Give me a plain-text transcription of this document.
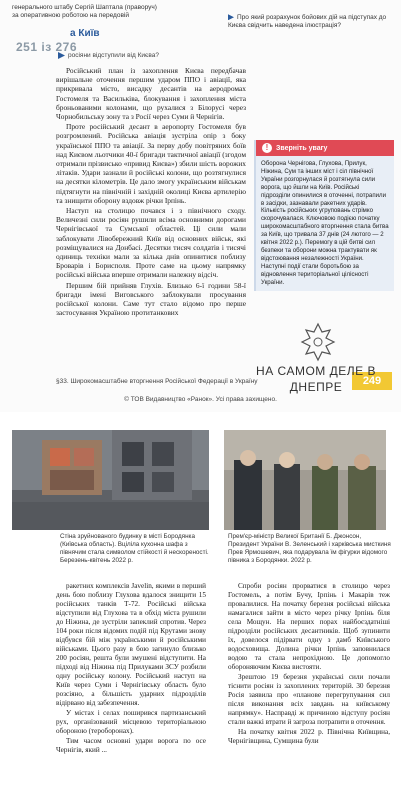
генерального штабу Сергій Шаптала (праворуч)
за оперативною роботою на передовій
а Київ
251 із 276
росіяни відступили від Києва?
Про який розрахунок бойових дій на підступах до Києва свідчить наведена ілюстрація?

Російський план із захоплення Києва передбачав вирішальне оточення першим ударом ППО і авіації, яка прикривала місто, висадку десантів на аеродромах Гостомеля та Васильківа, блокування і захоплення міста броньованими колонами, що рухалися з Білорусі через Чорнобильську зону та з Росії через Суми й Чернігів.

Проте російський десант в аеропорту Гостомеля був розгромлений. Російська авіація зустріла опір з боку української ППО та авіації. За перву добу повітряних боїв над Києвом льотчики 40-ї бригади тактичної авіації (згодом отримали прізвисько «привид Києва») збили шість ворожих літаків. Удари зазнали й російські колони, що розтягнулися на десятки кілометрів. Це дало змогу українським військам підтягнути на північній і західній околиці Києва артилерію та знищити оборону вздовж річки Ірпінь.

Наступ на столицю почався і з північного сходу. Величезні сили росіян рушили всіма основними дорогами Чернігівської та Сумської областей. Ці сили мали заблокувати Лівобережний Київ від основних військ, які розміщувалися на Донбасі. Десятки тисяч солдатів і тисячі одиниць техніки мали за кілька днів опинитися поблизу Броварів і Борисполя. Проте саме на цьому напрямку російські війська вперше отримали належну відсіч.

Першим бій прийняв Глухів. Близько 6-ї години 58-ї бригади імені Виговського заблокували просування російської колони. Саме тут стало відомо про перше застосування Україною протитанкових

!	Зверніть увагу
Оборона Чернігова, Глухова, Прилук, Ніжина, Сум та інших міст і сіл північної України розгорнулася й розтягнула сили ворога, що йшли на Київ. Російські підрозділи опинилися в оточенні, потрапили в засідки, зазнавали ракетних ударів. Кількість російських угруповань стрімко скорочувалася. Ключовою подією початку широкомасштабного вторгнення стала битва за Київ, що тривала 37 днів (24 лютого — 2 квітня 2022 р.). Перемогу в цій битві сил безпеки та оборони можна трактувати як відстоювання незалежності України. Наступні події стали боротьбою за відновлення територіальної цілісності України.
§33. Широкомасштабне вторгнення Російської Федерації в Україну	249
© ТОВ Видавництво «Ранок». Усі права захищено.
НА САМОМ ДЕЛЕ В
ДНЕПРЕ
Стіна зруйнованого будинку в місті Бородянка (Київська область). Вціліла кухонна шафа з півнячим стала символом стійкості й нескореності. Березень-квітень 2022 р.
Прем'єр-міністр Великої Британії Б. Джонсон, Президент України В. Зеленський і харківська мисткиня Прев Ярмошевич, яка подарувала їм фігурки відомого півника з Бородянки. 2022 р.

ракетних комплексів Javelin, якими в перший день бою поблизу Глухова вдалося знищити 15 російських танків Т-72. Російські війська відступили від Глухова та в обхід міста рушили до Ніжина, де зустріли запеклий спротив. Через 104 роки після відомих подій під Крутами знову відбувся бій між українськими й російськими військами. Цього разу в бою загинуло близько 200 росіян, решта були змушені відступити. На підході від Ніжина під Прилуками ЗСУ розбили одну російську колону. Російський наступ на Київ через Суми і Чернігівську область було розсіяно, а більшість ударних підрозділів відірвано від забезпечення.

У містах і селах поширився партизанський рух, організований місцевою територіальною обороною (тероборонах).

Тим часом основні удари ворога по осе Чернігів, який ...

Спроби росіян прорватися в столицю через Гостомель, а потім Бучу, Ірпінь і Макарів теж провалилися. На початку березня російські війська намагалися зайти в місто через річку Ірпінь біля села Мощун. На перших порах найбоєздатніші підрозділи російських десантників. Щоб зупинити їх, довелося підірвати одну з дамб Київського водосховища. Долина річки Ірпінь заповнилася водою та стала непрохідною. Це допомогло обороняючим Києва вистояти.

Зрештою 19 березня українські сили почали тіснити росіян із захоплених територій. 30 березня Росія заявила про «планове перегрупування сил після виконання всіх завдань на київському напрямку». Насправді ж причиною відступу росіян стали важкі втрати й загроза потрапити в оточення.

На початку квітня 2022 р. Північна Київщина, Чернігівщина, Сумщина були
